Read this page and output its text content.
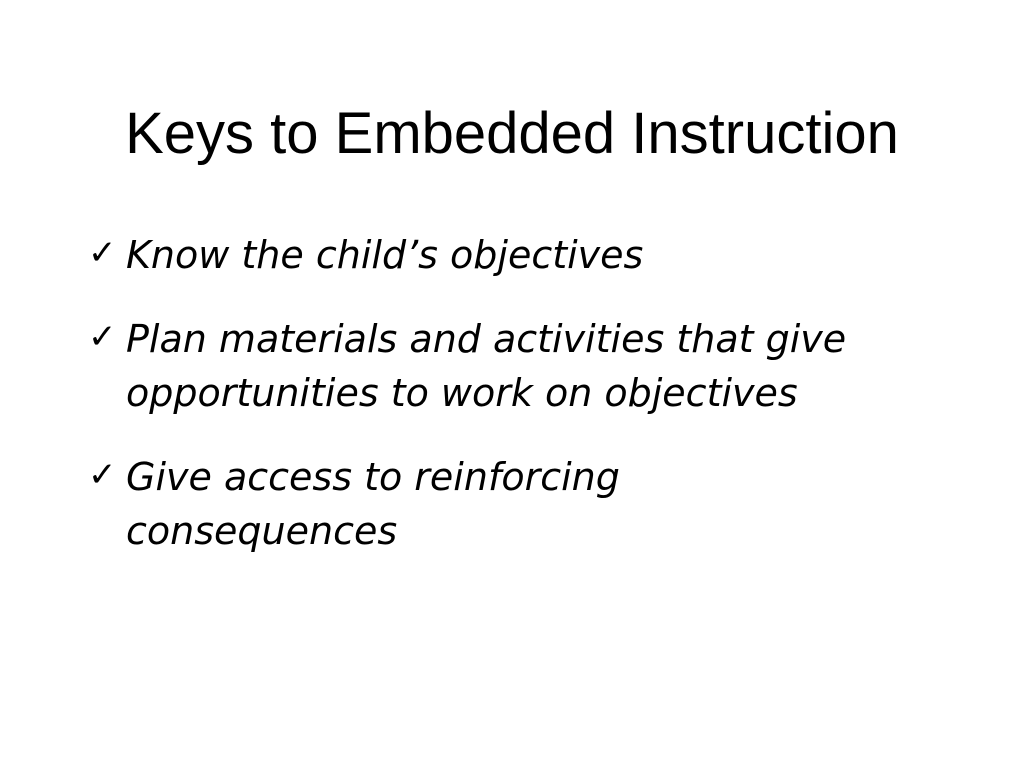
Keys to Embedded Instruction
✓ Know the child’s objectives
✓ Plan materials and activities that give opportunities to work on objectives
✓ Give access to reinforcing consequences
